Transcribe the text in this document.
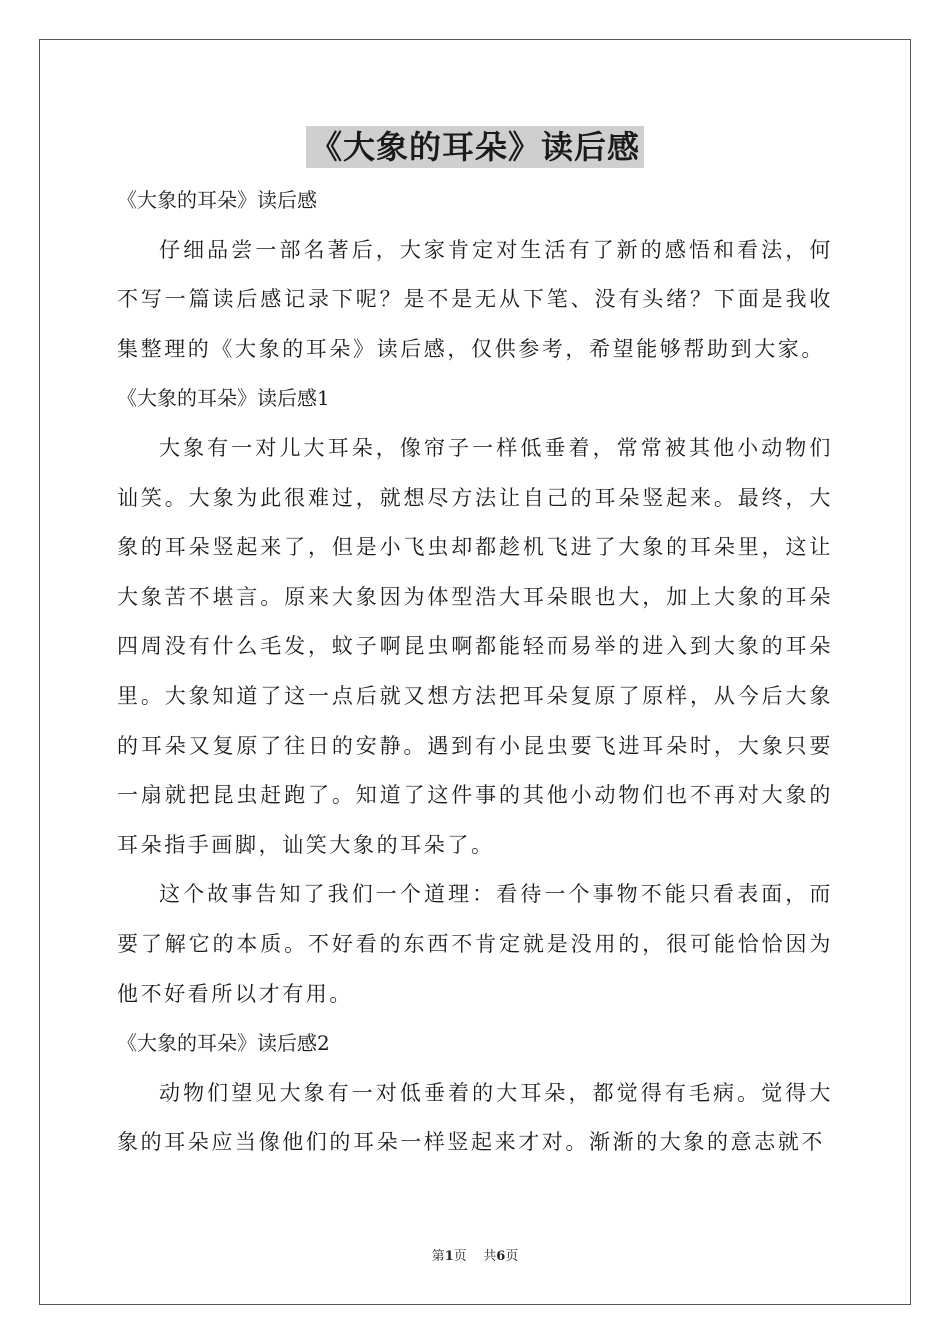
《大象的耳朵》读后感

《大象的耳朵》读后感

仔细品尝一部名著后，大家肯定对生活有了新的感悟和看法，何不写一篇读后感记录下呢？是不是无从下笔、没有头绪？下面是我收集整理的《大象的耳朵》读后感，仅供参考，希望能够帮助到大家。

《大象的耳朵》读后感1

大象有一对儿大耳朵，像帘子一样低垂着，常常被其他小动物们讪笑。大象为此很难过，就想尽方法让自己的耳朵竖起来。最终，大象的耳朵竖起来了，但是小飞虫却都趁机飞进了大象的耳朵里，这让大象苦不堪言。原来大象因为体型浩大耳朵眼也大，加上大象的耳朵四周没有什么毛发，蚊子啊昆虫啊都能轻而易举的进入到大象的耳朵里。大象知道了这一点后就又想方法把耳朵复原了原样，从今后大象的耳朵又复原了往日的安静。遇到有小昆虫要飞进耳朵时，大象只要一扇就把昆虫赶跑了。知道了这件事的其他小动物们也不再对大象的耳朵指手画脚，讪笑大象的耳朵了。

这个故事告知了我们一个道理：看待一个事物不能只看表面，而要了解它的本质。不好看的东西不肯定就是没用的，很可能恰恰因为他不好看所以才有用。

《大象的耳朵》读后感2

动物们望见大象有一对低垂着的大耳朵，都觉得有毛病。觉得大象的耳朵应当像他们的耳朵一样竖起来才对。渐渐的大象的意志就不

第1页    共6页
